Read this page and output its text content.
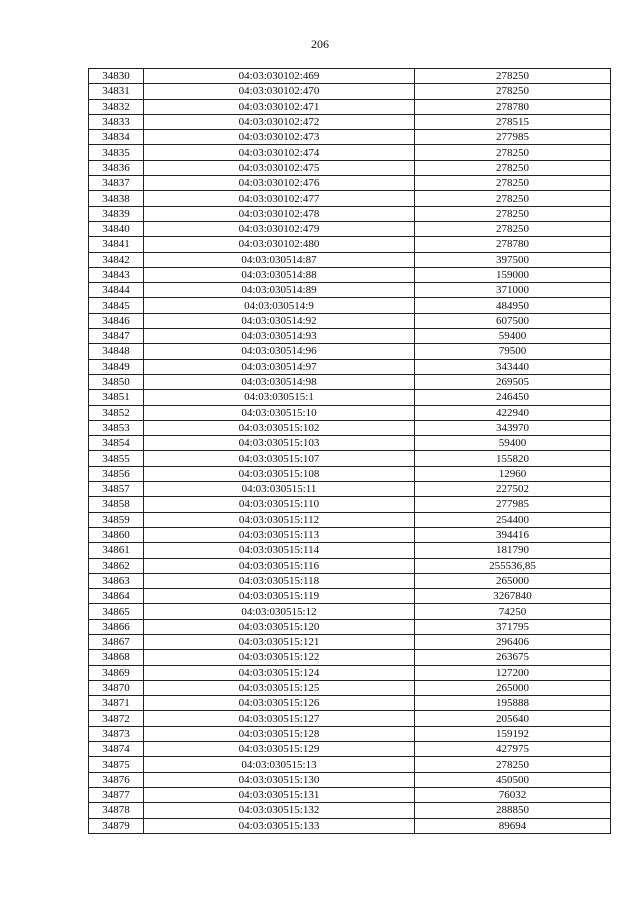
206
34830	04:03:030102:469	278250
34831	04:03:030102:470	278250
34832	04:03:030102:471	278780
34833	04:03:030102:472	278515
34834	04:03:030102:473	277985
34835	04:03:030102:474	278250
34836	04:03:030102:475	278250
34837	04:03:030102:476	278250
34838	04:03:030102:477	278250
34839	04:03:030102:478	278250
34840	04:03:030102:479	278250
34841	04:03:030102:480	278780
34842	04:03:030514:87	397500
34843	04:03:030514:88	159000
34844	04:03:030514:89	371000
34845	04:03:030514:9	484950
34846	04:03:030514:92	607500
34847	04:03:030514:93	59400
34848	04:03:030514:96	79500
34849	04:03:030514:97	343440
34850	04:03:030514:98	269505
34851	04:03:030515:1	246450
34852	04:03:030515:10	422940
34853	04:03:030515:102	343970
34854	04:03:030515:103	59400
34855	04:03:030515:107	155820
34856	04:03:030515:108	12960
34857	04:03:030515:11	227502
34858	04:03:030515:110	277985
34859	04:03:030515:112	254400
34860	04:03:030515:113	394416
34861	04:03:030515:114	181790
34862	04:03:030515:116	255536,85
34863	04:03:030515:118	265000
34864	04:03:030515:119	3267840
34865	04:03:030515:12	74250
34866	04:03:030515:120	371795
34867	04:03:030515:121	296406
34868	04:03:030515:122	263675
34869	04:03:030515:124	127200
34870	04:03:030515:125	265000
34871	04:03:030515:126	195888
34872	04:03:030515:127	205640
34873	04:03:030515:128	159192
34874	04:03:030515:129	427975
34875	04:03:030515:13	278250
34876	04:03:030515:130	450500
34877	04:03:030515:131	76032
34878	04:03:030515:132	288850
34879	04:03:030515:133	89694
